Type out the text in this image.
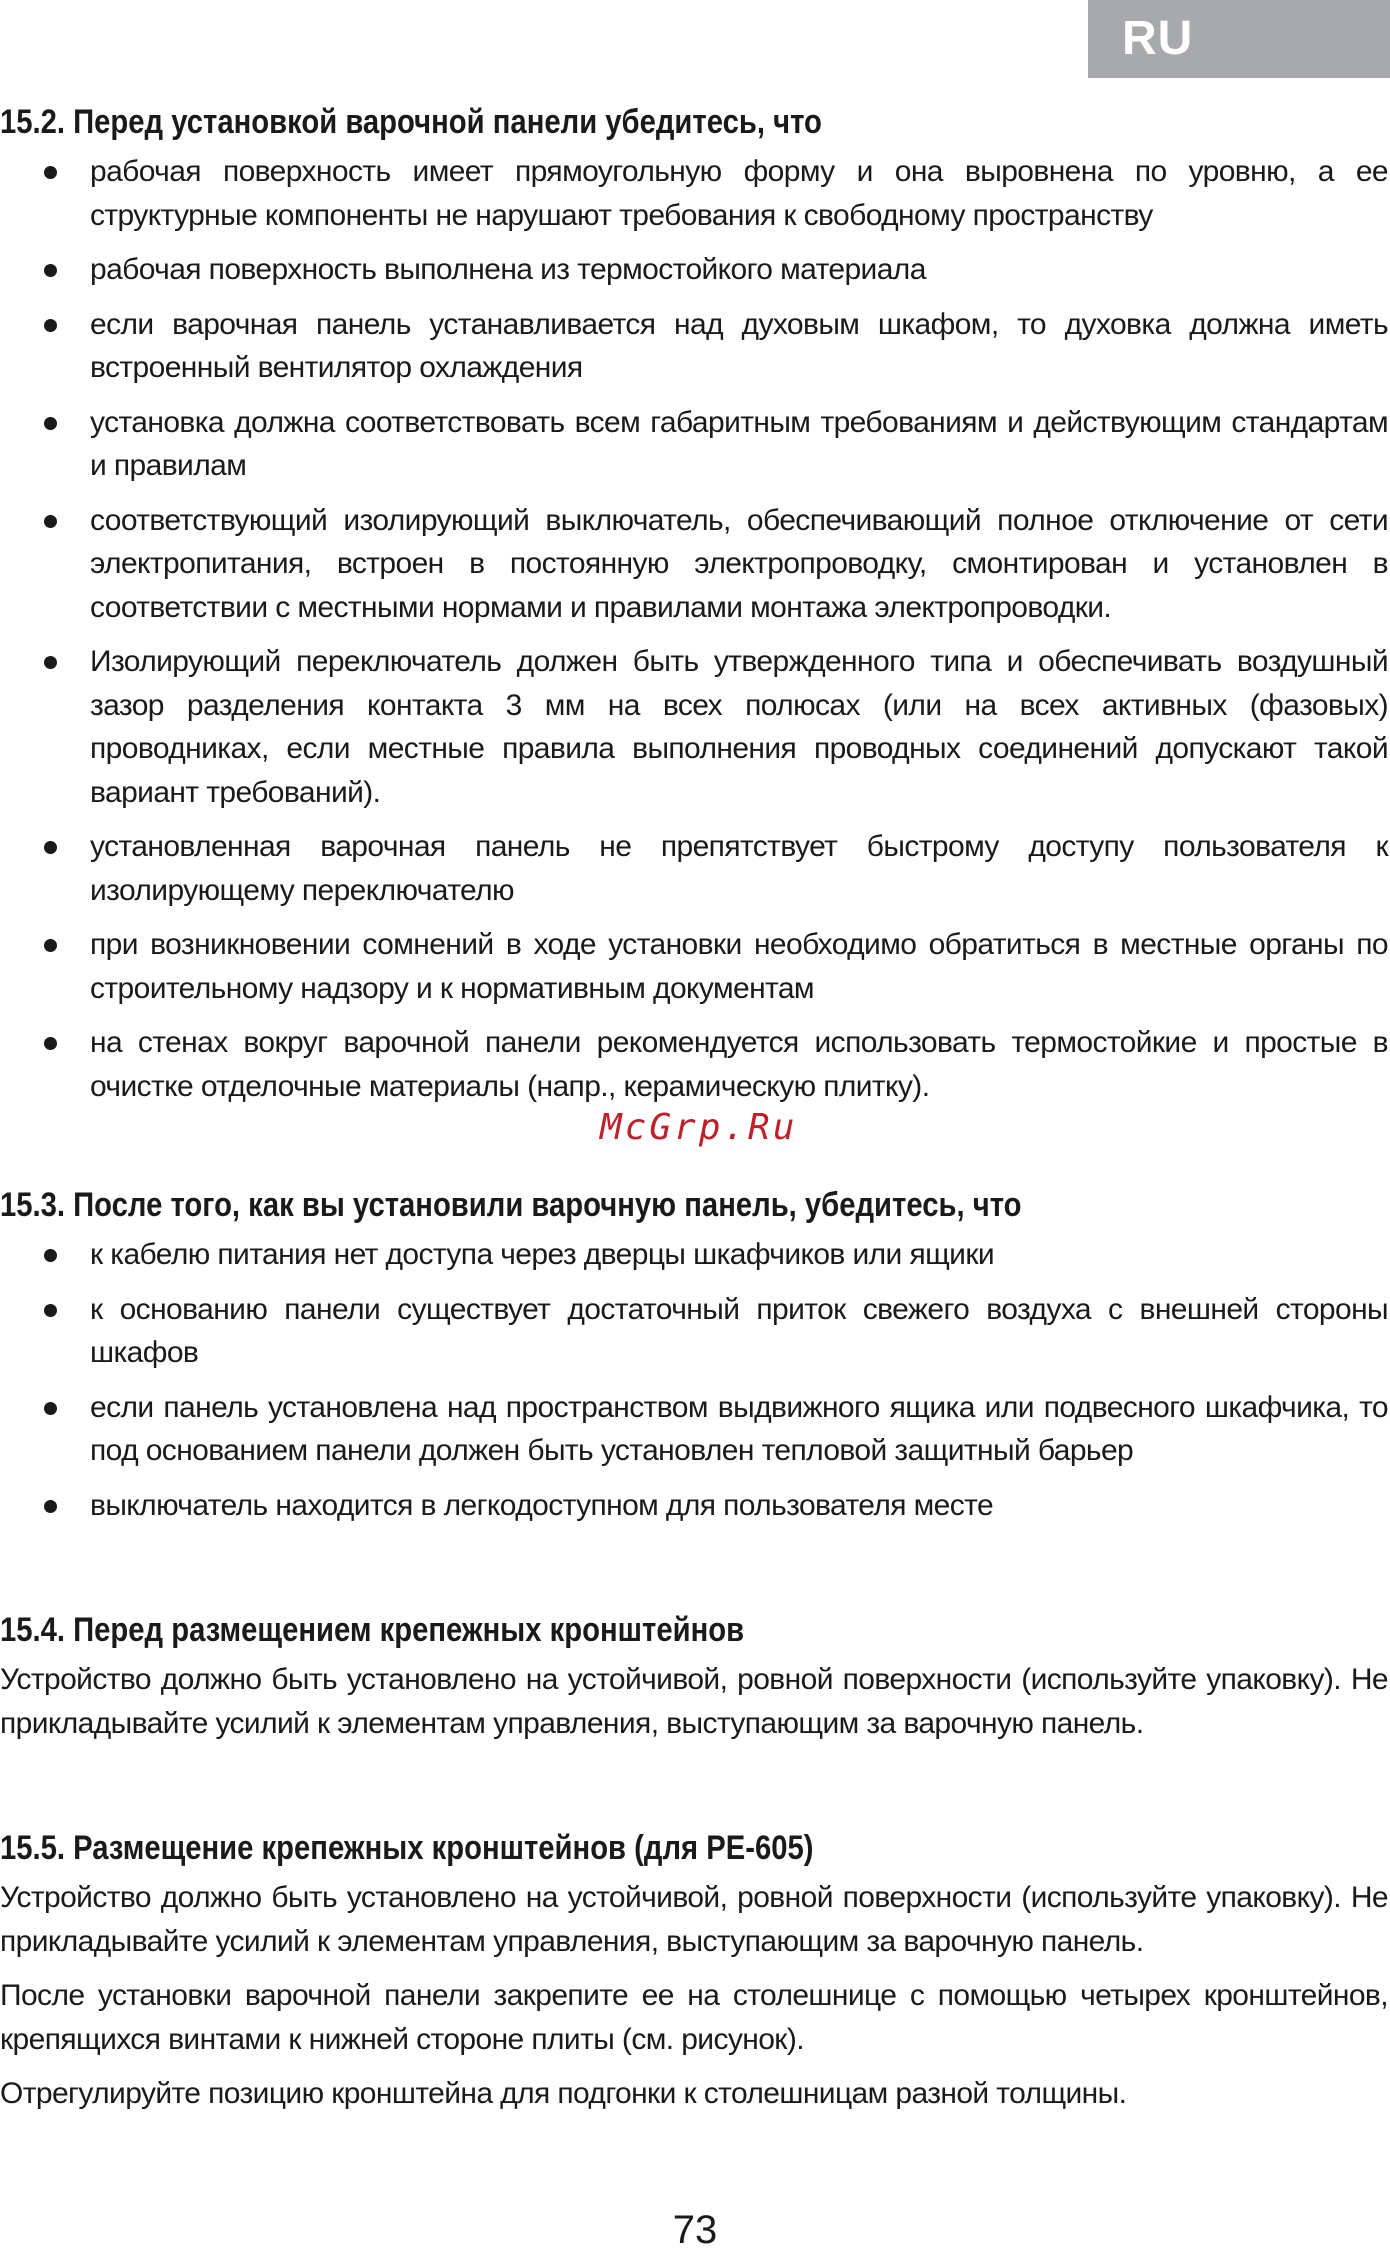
RU
15.2. Перед установкой варочной панели убедитесь, что
рабочая поверхность имеет прямоугольную форму и она выровнена по уровню, а ее структурные компоненты не нарушают требования к свободному пространству
рабочая поверхность выполнена из термостойкого материала
если варочная панель устанавливается над духовым шкафом, то духовка должна иметь встроенный вентилятор охлаждения
установка должна соответствовать всем габаритным требованиям и действующим стандартам и правилам
соответствующий изолирующий выключатель, обеспечивающий полное отключение от сети электропитания, встроен в постоянную электропроводку, смонтирован и установлен в соответствии с местными нормами и правилами монтажа электропроводки.
Изолирующий переключатель должен быть утвержденного типа и обеспечивать воздушный зазор разделения контакта 3 мм на всех полюсах (или на всех активных (фазовых) проводниках, если местные правила выполнения проводных соединений допускают такой вариант требований).
установленная варочная панель не препятствует быстрому доступу пользователя к изолирующему переключателю
при возникновении сомнений в ходе установки необходимо обратиться в местные органы по строительному надзору и к нормативным документам
на стенах вокруг варочной панели рекомендуется использовать термостойкие и простые в очистке отделочные материалы (напр., керамическую плитку).
15.3. После того, как вы установили варочную панель, убедитесь, что
к кабелю питания нет доступа через дверцы шкафчиков или ящики
к основанию панели существует достаточный приток свежего воздуха с внешней стороны шкафов
если панель установлена над пространством выдвижного ящика или подвесного шкафчика, то под основанием панели должен быть установлен тепловой защитный барьер
выключатель находится в легкодоступном для пользователя месте
15.4. Перед размещением крепежных кронштейнов

Устройство должно быть установлено на устойчивой, ровной поверхности (используйте упаковку). Не прикладывайте усилий к элементам управления, выступающим за варочную панель.

15.5. Размещение крепежных кронштейнов (для PE-605)

Устройство должно быть установлено на устойчивой, ровной поверхности (используйте упаковку). Не прикладывайте усилий к элементам управления, выступающим за варочную панель.

После установки варочной панели закрепите ее на столешнице с помощью четырех кронштейнов, крепящихся винтами к нижней стороне плиты (см. рисунок).

Отрегулируйте позицию кронштейна для подгонки к столешницам разной толщины.

McGrp.Ru
73
